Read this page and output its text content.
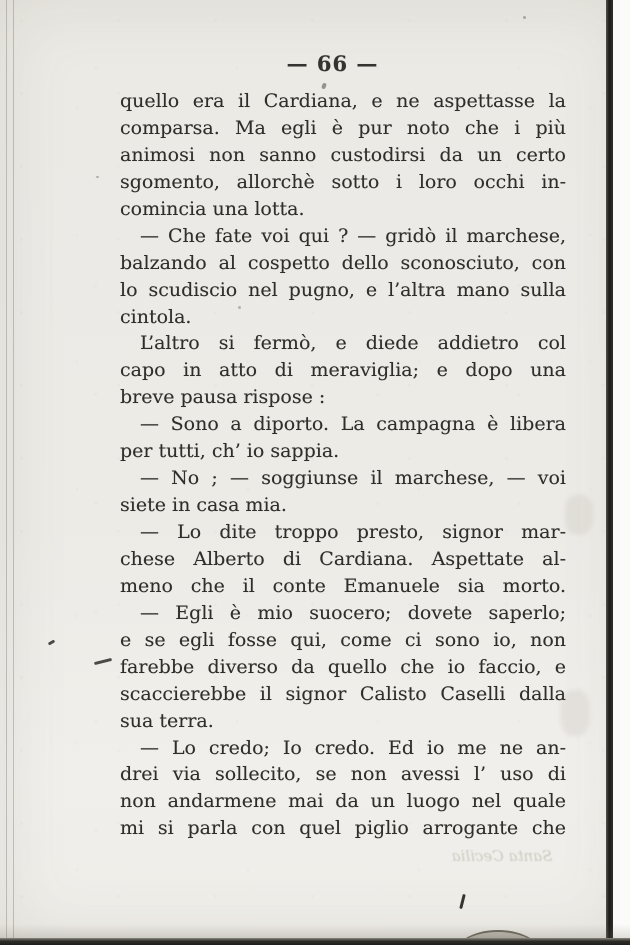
— 66 —
quello era il Cardiana, e ne aspettasse la
comparsa. Ma egli è pur noto che i più
animosi non sanno custodirsi da un certo
sgomento, allorchè sotto i loro occhi in-
comincia una lotta.
— Che fate voi qui ? — gridò il marchese,
balzando al cospetto dello sconosciuto, con
lo scudiscio nel pugno, e l’altra mano sulla
cintola.
L’altro si fermò, e diede addietro col
capo in atto di meraviglia; e dopo una
breve pausa rispose :
— Sono a diporto. La campagna è libera
per tutti, ch’ io sappia.
— No ; — soggiunse il marchese, — voi
siete in casa mia.
— Lo dite troppo presto, signor mar-
chese Alberto di Cardiana. Aspettate al-
meno che il conte Emanuele sia morto.
— Egli è mio suocero; dovete saperlo;
e se egli fosse qui, come ci sono io, non
farebbe diverso da quello che io faccio, e
scaccierebbe il signor Calisto Caselli dalla
sua terra.
— Lo credo; Io credo. Ed io me ne an-
drei via sollecito, se non avessi l’ uso di
non andarmene mai da un luogo nel quale
mi si parla con quel piglio arrogante che
Santa Cecilia
